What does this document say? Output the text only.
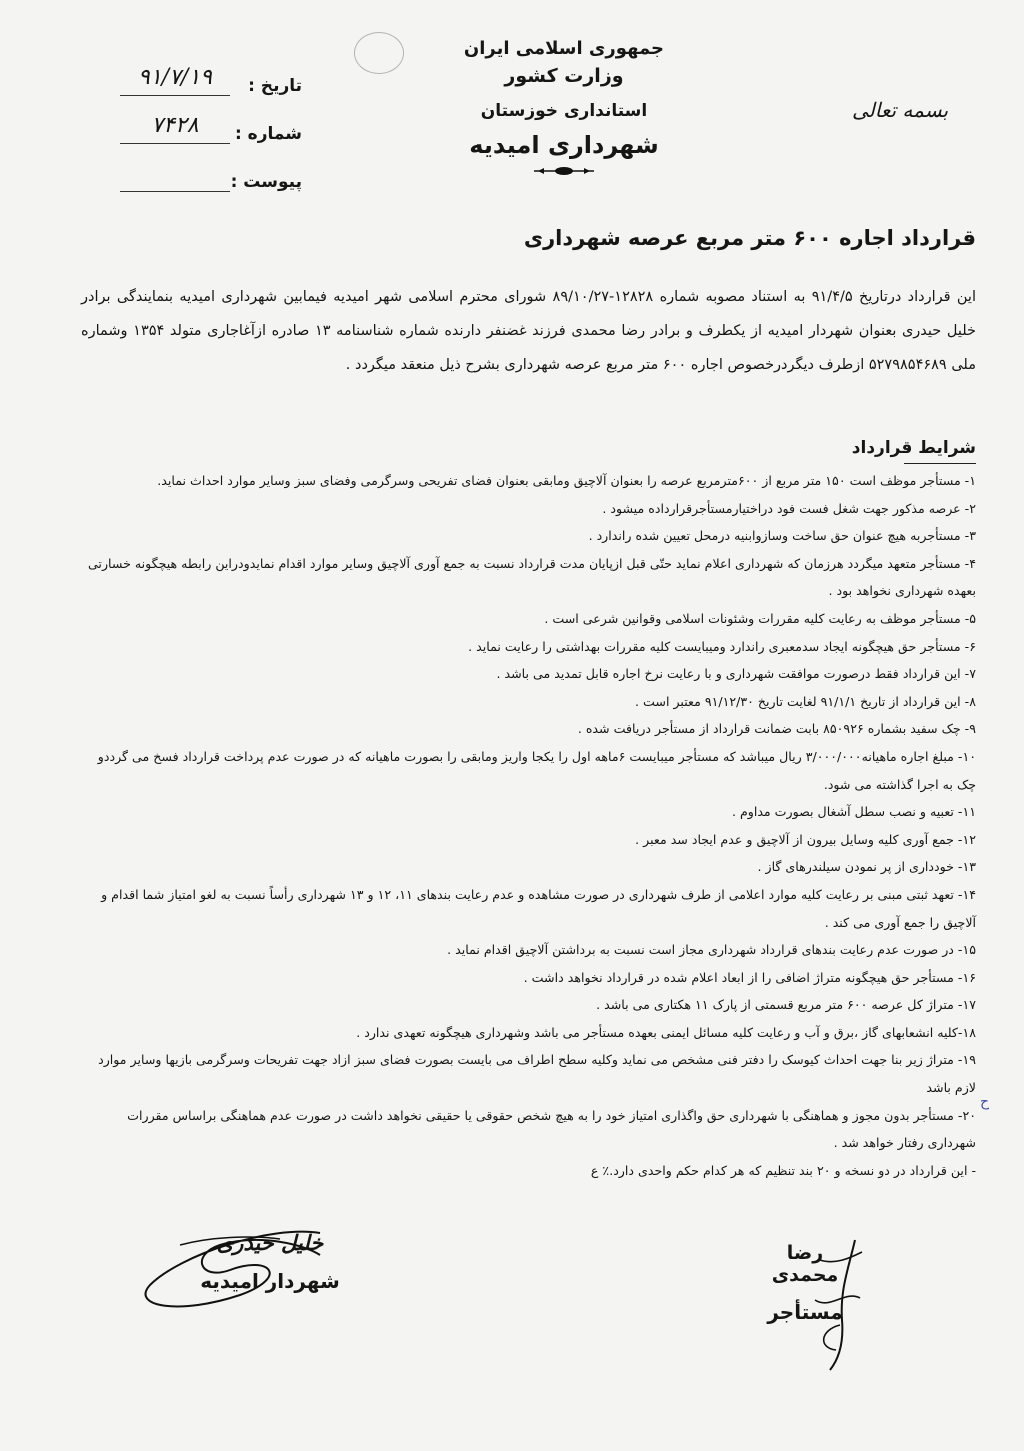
جمهوری اسلامی ایران
وزارت کشور
استانداری خوزستان
شهرداری امیدیه
بسمه تعالی
تاریخ :
۹۱/۷/۱۹
شماره :
۷۴۲۸
پیوست :
قرارداد اجاره ۶۰۰ متر مربع عرصه شهرداری
این قرارداد درتاریخ ۹۱/۴/۵ به استناد مصوبه شماره ۱۲۸۲۸-۸۹/۱۰/۲۷ شورای محترم اسلامی شهر امیدیه فیمابین شهرداری امیدیه بنمایندگی برادر خلیل حیدری بعنوان شهردار امیدیه از یکطرف و برادر رضا محمدی فرزند غضنفر دارنده شماره شناسنامه ۱۳ صادره ازآغاجاری متولد ۱۳۵۴ وشماره ملی ۵۲۷۹۸۵۴۶۸۹ ازطرف دیگردرخصوص اجاره ۶۰۰ متر مربع عرصه شهرداری بشرح ذیل منعقد میگردد .
شرایط قرارداد
۱- مستأجر موظف است ۱۵۰ متر مربع از ۶۰۰مترمربع عرصه را بعنوان آلاچیق ومابقی بعنوان فضای تفریحی وسرگرمی وفضای سبز وسایر موارد احداث نماید.
۲- عرصه مذکور جهت شغل فست فود دراختیارمستأجرقرارداده میشود .
۳- مستأجربه هیچ عنوان حق ساخت وسازوابنیه درمحل تعیین شده راندارد .
۴- مستأجر متعهد میگردد هرزمان که شهرداری اعلام نماید حتّی قبل ازپایان مدت قرارداد نسبت به جمع آوری آلاچیق وسایر موارد اقدام نمایدودراین رابطه هیچگونه خسارتی بعهده شهرداری نخواهد بود .
۵- مستأجر موظف به رعایت کلیه مقررات وشئونات اسلامی وقوانین شرعی است .
۶- مستأجر حق هیچگونه ایجاد سدمعبری راندارد ومیبایست کلیه مقررات بهداشتی را رعایت نماید .
۷- این قرارداد فقط درصورت موافقت شهرداری و با رعایت نرخ اجاره قابل تمدید می باشد .
۸- این قرارداد از تاریخ ۹۱/۱/۱ لغایت تاریخ ۹۱/۱۲/۳۰ معتبر است .
۹- چک سفید بشماره ۸۵۰۹۲۶ بابت ضمانت قرارداد از مستأجر دریافت شده .
۱۰- مبلغ اجاره ماهیانه۳/۰۰۰/۰۰۰ ریال میباشد که مستأجر میبایست ۶ماهه اول را یکجا واریز ومابقی را بصورت ماهیانه که در صورت عدم پرداخت قرارداد فسخ می گرددو چک به اجرا گذاشته می شود.
۱۱- تعبیه و نصب سطل آشغال بصورت مداوم .
۱۲- جمع آوری کلیه وسایل بیرون از آلاچیق و عدم ایجاد سد معبر .
۱۳- خودداری از پر نمودن سیلندرهای گاز .
۱۴- تعهد ثبتی مبنی بر رعایت کلیه موارد اعلامی از طرف شهرداری در صورت مشاهده و عدم رعایت بندهای ۱۱، ۱۲ و ۱۳ شهرداری رأساً نسبت به لغو امتیاز شما اقدام و آلاچیق را جمع آوری می کند .
۱۵- در صورت عدم رعایت بندهای قرارداد شهرداری مجاز است نسبت به برداشتن آلاچیق اقدام نماید .
۱۶- مستأجر حق هیچگونه متراژ اضافی را از ابعاد اعلام شده در قرارداد نخواهد داشت .
۱۷- متراژ کل عرصه ۶۰۰ متر مربع قسمتی از پارک ۱۱ هکتاری می باشد .
۱۸-کلیه انشعابهای گاز ،برق و آب و رعایت کلیه مسائل ایمنی بعهده مستأجر می باشد وشهرداری هیچگونه تعهدی ندارد .
۱۹- متراژ زیر بنا جهت احداث کیوسک را دفتر فنی مشخص می نماید وکلیه سطح اطراف می بایست بصورت فضای سبز ازاد جهت تفریحات وسرگرمی بازیها وسایر موارد لازم باشد
۲۰- مستأجر بدون مجوز و هماهنگی با شهرداری حق واگذاری امتیاز خود را به هیچ شخص حقوقی یا حقیقی نخواهد داشت در صورت عدم هماهنگی براساس مقررات شهرداری رفتار خواهد شد .
- این قرارداد در دو نسخه و ۲۰ بند تنظیم که هر کدام حکم واحدی دارد.٪ ع
ح
خلیل حیدری
شهردار امیدیه
رضا محمدی
مستأجر
